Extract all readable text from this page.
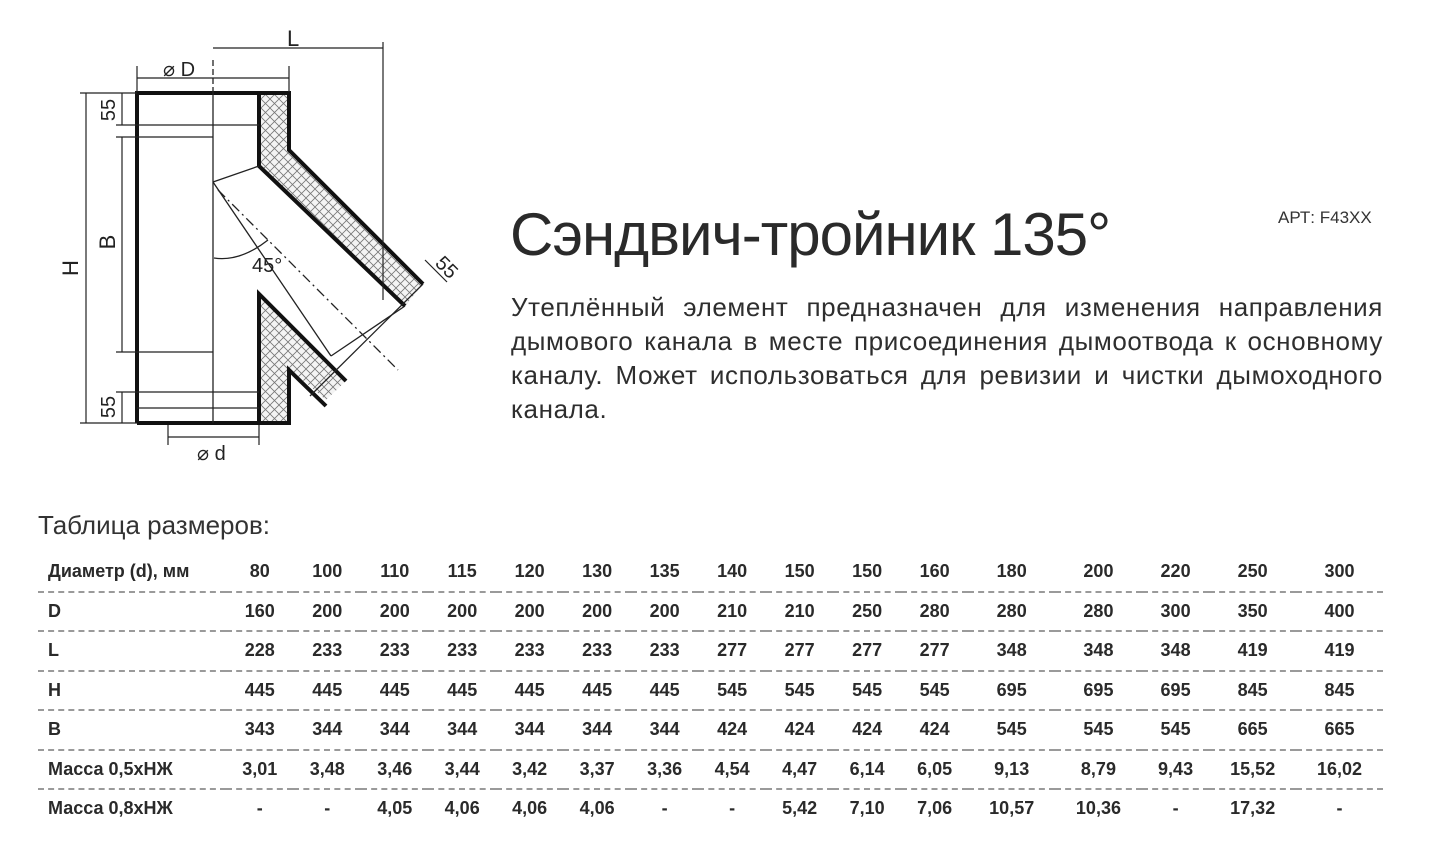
L
⌀ D
⌀ d
45°
H
B
55
55
55 Сэндвич-тройник 135°	АРТ: F43XX

Утеплённый элемент предназначен для изменения направления дымового канала в месте присоединения дымоотвода к основному каналу. Может использоваться для ревизии и чистки дымоходного канала.

Таблица размеров:
Диаметр (d), мм	80	100	110	115	120	130	135	140	150	150	160	180	200	220	250	300
D	160	200	200	200	200	200	200	210	210	250	280	280	280	300	350	400
L	228	233	233	233	233	233	233	277	277	277	277	348	348	348	419	419
H	445	445	445	445	445	445	445	545	545	545	545	695	695	695	845	845
B	343	344	344	344	344	344	344	424	424	424	424	545	545	545	665	665
Масса 0,5хНЖ	3,01	3,48	3,46	3,44	3,42	3,37	3,36	4,54	4,47	6,14	6,05	9,13	8,79	9,43	15,52	16,02
Масса 0,8хНЖ	-	-	4,05	4,06	4,06	4,06	-	-	5,42	7,10	7,06	10,57	10,36	-	17,32	-
